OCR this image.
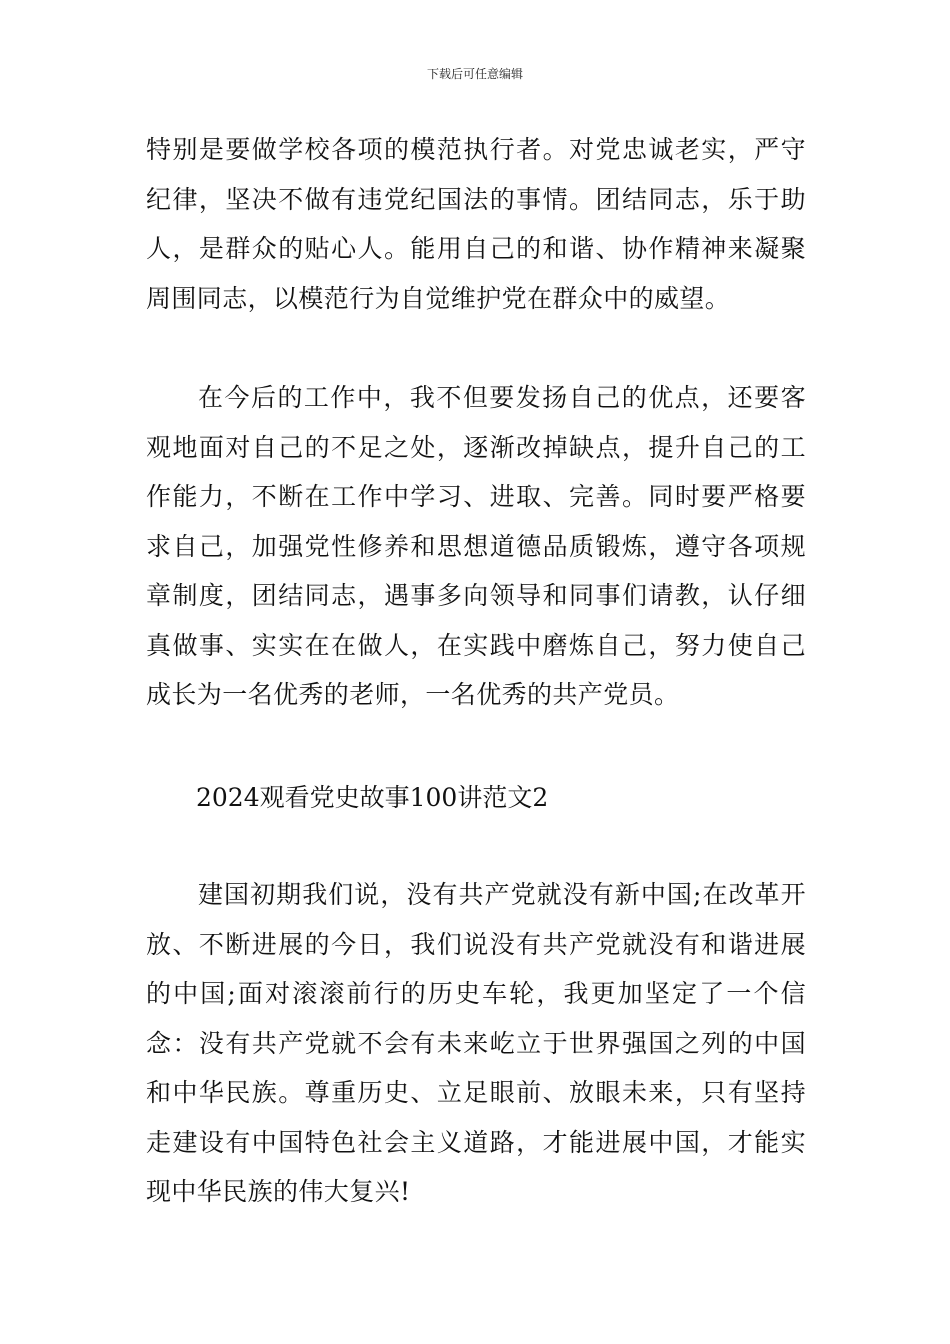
下载后可任意编辑

特别是要做学校各项的模范执行者。对党忠诚老实，严守纪律，坚决不做有违党纪国法的事情。团结同志，乐于助人，是群众的贴心人。能用自己的和谐、协作精神来凝聚周围同志，以模范行为自觉维护党在群众中的威望。

在今后的工作中，我不但要发扬自己的优点，还要客观地面对自己的不足之处，逐渐改掉缺点，提升自己的工作能力，不断在工作中学习、进取、完善。同时要严格要求自己，加强党性修养和思想道德品质锻炼，遵守各项规章制度，团结同志，遇事多向领导和同事们请教，认仔细真做事、实实在在做人，在实践中磨炼自己，努力使自己成长为一名优秀的老师，一名优秀的共产党员。

2024观看党史故事100讲范文2

建国初期我们说，没有共产党就没有新中国;在改革开放、不断进展的今日，我们说没有共产党就没有和谐进展的中国;面对滚滚前行的历史车轮，我更加坚定了一个信念：没有共产党就不会有未来屹立于世界强国之列的中国和中华民族。尊重历史、立足眼前、放眼未来，只有坚持走建设有中国特色社会主义道路，才能进展中国，才能实现中华民族的伟大复兴!
